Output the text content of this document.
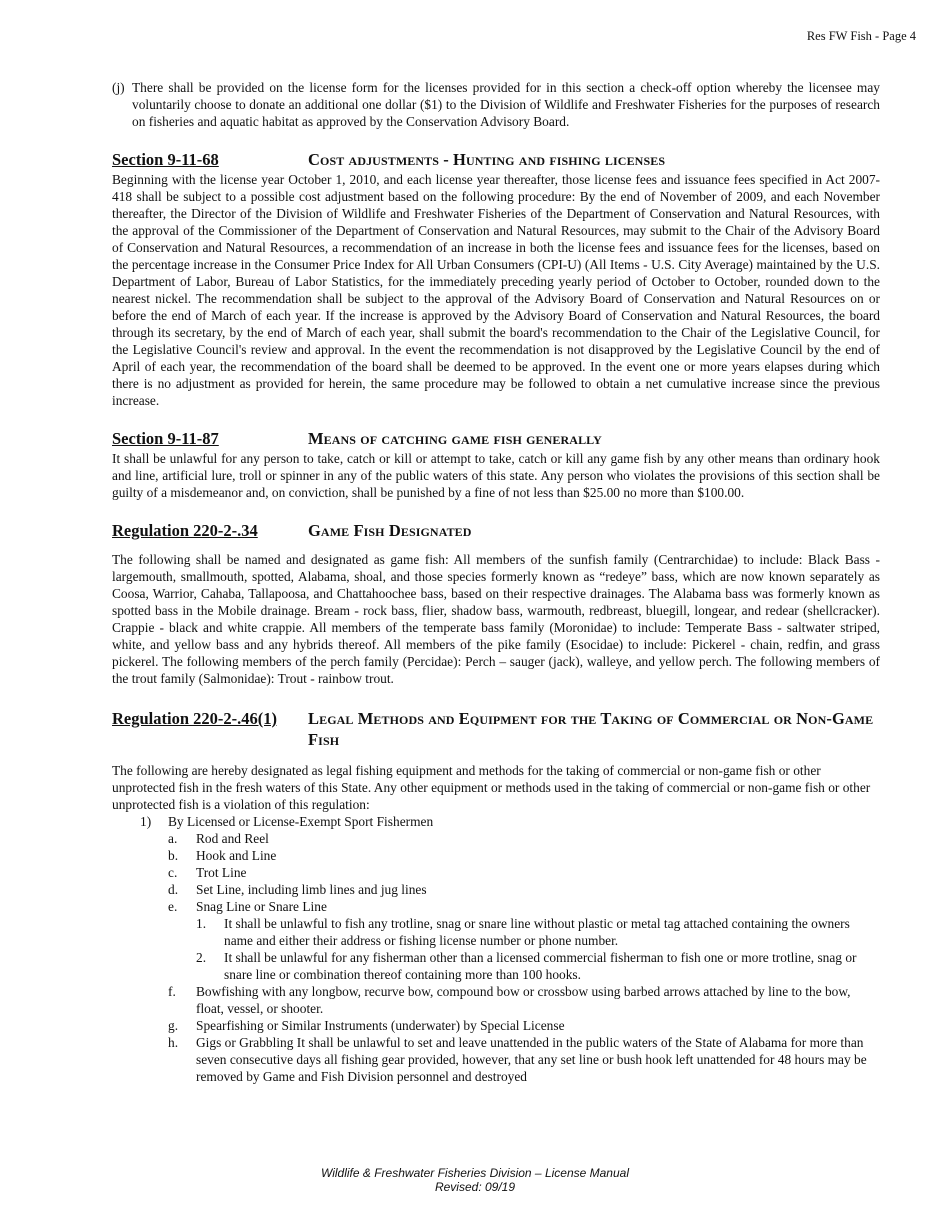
Res FW Fish - Page 4
(j) There shall be provided on the license form for the licenses provided for in this section a check-off option whereby the licensee may voluntarily choose to donate an additional one dollar ($1) to the Division of Wildlife and Freshwater Fisheries for the purposes of research on fisheries and aquatic habitat as approved by the Conservation Advisory Board.
Section 9-11-68	Cost adjustments - Hunting and fishing licenses

Beginning with the license year October 1, 2010, and each license year thereafter, those license fees and issuance fees specified in Act 2007-418 shall be subject to a possible cost adjustment based on the following procedure: By the end of November of 2009, and each November thereafter, the Director of the Division of Wildlife and Freshwater Fisheries of the Department of Conservation and Natural Resources, with the approval of the Commissioner of the Department of Conservation and Natural Resources, may submit to the Chair of the Advisory Board of Conservation and Natural Resources, a recommendation of an increase in both the license fees and issuance fees for the licenses, based on the percentage increase in the Consumer Price Index for All Urban Consumers (CPI-U) (All Items - U.S. City Average) maintained by the U.S. Department of Labor, Bureau of Labor Statistics, for the immediately preceding yearly period of October to October, rounded down to the nearest nickel. The recommendation shall be subject to the approval of the Advisory Board of Conservation and Natural Resources on or before the end of March of each year. If the increase is approved by the Advisory Board of Conservation and Natural Resources, the board through its secretary, by the end of March of each year, shall submit the board's recommendation to the Chair of the Legislative Council, for the Legislative Council's review and approval. In the event the recommendation is not disapproved by the Legislative Council by the end of April of each year, the recommendation of the board shall be deemed to be approved. In the event one or more years elapses during which there is no adjustment as provided for herein, the same procedure may be followed to obtain a net cumulative increase since the previous increase.

Section 9-11-87	Means of catching game fish generally

It shall be unlawful for any person to take, catch or kill or attempt to take, catch or kill any game fish by any other means than ordinary hook and line, artificial lure, troll or spinner in any of the public waters of this state. Any person who violates the provisions of this section shall be guilty of a misdemeanor and, on conviction, shall be punished by a fine of not less than $25.00 no more than $100.00.

Regulation 220-2-.34	Game Fish Designated

The following shall be named and designated as game fish: All members of the sunfish family (Centrarchidae) to include: Black Bass - largemouth, smallmouth, spotted, Alabama, shoal, and those species formerly known as “redeye” bass, which are now known separately as Coosa, Warrior, Cahaba, Tallapoosa, and Chattahoochee bass, based on their respective drainages. The Alabama bass was formerly known as spotted bass in the Mobile drainage. Bream - rock bass, flier, shadow bass, warmouth, redbreast, bluegill, longear, and redear (shellcracker). Crappie - black and white crappie. All members of the temperate bass family (Moronidae) to include: Temperate Bass - saltwater striped, white, and yellow bass and any hybrids thereof. All members of the pike family (Esocidae) to include: Pickerel - chain, redfin, and grass pickerel. The following members of the perch family (Percidae): Perch – sauger (jack), walleye, and yellow perch. The following members of the trout family (Salmonidae): Trout - rainbow trout.

Regulation 220-2-.46(1)	Legal Methods and Equipment for the Taking of Commercial or Non-Game Fish

The following are hereby designated as legal fishing equipment and methods for the taking of commercial or non-game fish or other unprotected fish in the fresh waters of this State. Any other equipment or methods used in the taking of commercial or non-game fish or other unprotected fish is a violation of this regulation:

1)	By Licensed or License-Exempt Sport Fishermen
a.	Rod and Reel
b.	Hook and Line
c.	Trot Line
d.	Set Line, including limb lines and jug lines
e.	Snag Line or Snare Line
1.	It shall be unlawful to fish any trotline, snag or snare line without plastic or metal tag attached containing the owners name and either their address or fishing license number or phone number.
2.	It shall be unlawful for any fisherman other than a licensed commercial fisherman to fish one or more trotline, snag or snare line or combination thereof containing more than 100 hooks.
f.	Bowfishing with any longbow, recurve bow, compound bow or crossbow using barbed arrows attached by line to the bow, float, vessel, or shooter.
g.	Spearfishing or Similar Instruments (underwater) by Special License
h.	Gigs or Grabbling It shall be unlawful to set and leave unattended in the public waters of the State of Alabama for more than seven consecutive days all fishing gear provided, however, that any set line or bush hook left unattended for 48 hours may be removed by Game and Fish Division personnel and destroyed
Wildlife & Freshwater Fisheries Division – License Manual
Revised: 09/19
